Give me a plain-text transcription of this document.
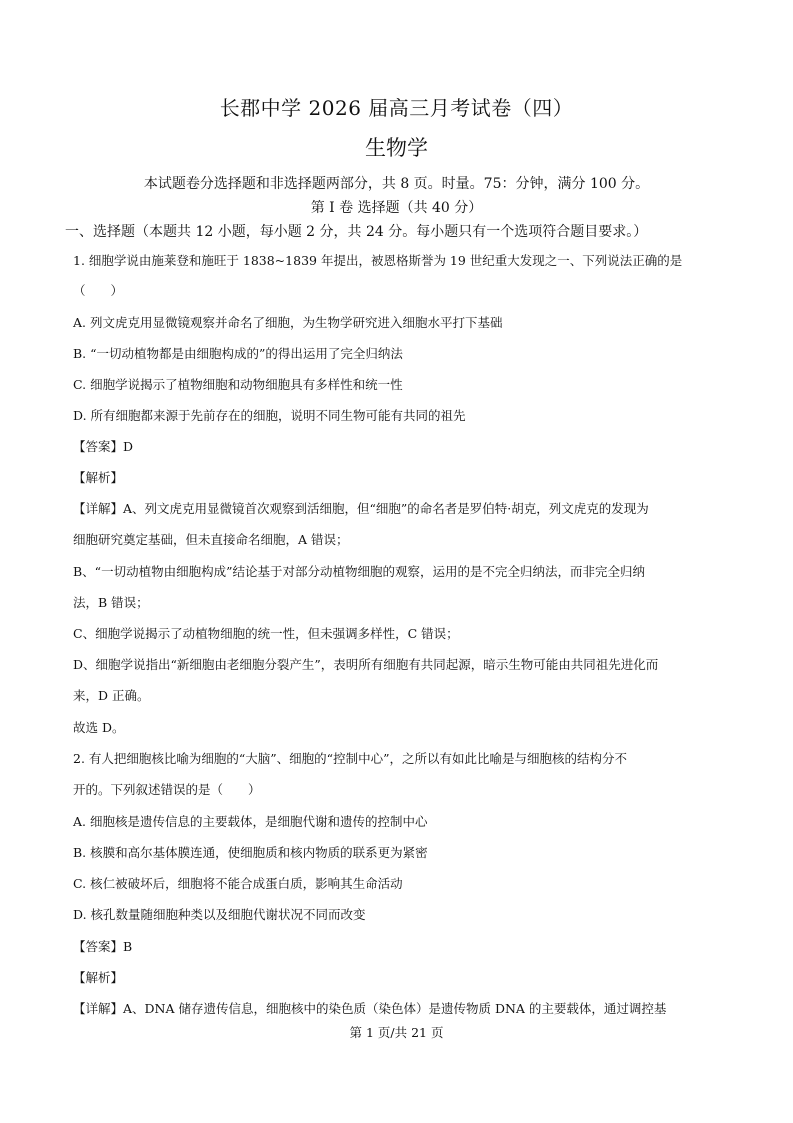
长郡中学 2026 届高三月考试卷（四）
生物学
本试题卷分选择题和非选择题两部分，共 8 页。时量。75：分钟，满分 100 分。
第 I 卷 选择题（共 40 分）
一、选择题（本题共 12 小题，每小题 2 分，共 24 分。每小题只有一个选项符合题目要求。）
1. 细胞学说由施莱登和施旺于 1838~1839 年提出，被恩格斯誉为 19 世纪重大发现之一、下列说法正确的是
（　　）
A. 列文虎克用显微镜观察并命名了细胞，为生物学研究进入细胞水平打下基础
B. “一切动植物都是由细胞构成的”的得出运用了完全归纳法
C. 细胞学说揭示了植物细胞和动物细胞具有多样性和统一性
D. 所有细胞都来源于先前存在的细胞，说明不同生物可能有共同的祖先
【答案】D
【解析】
【详解】A、列文虎克用显微镜首次观察到活细胞，但“细胞”的命名者是罗伯特·胡克，列文虎克的发现为
细胞研究奠定基础，但未直接命名细胞，A 错误；
B、“一切动植物由细胞构成”结论基于对部分动植物细胞的观察，运用的是不完全归纳法，而非完全归纳
法，B 错误；
C、细胞学说揭示了动植物细胞的统一性，但未强调多样性，C 错误；
D、细胞学说指出“新细胞由老细胞分裂产生”，表明所有细胞有共同起源，暗示生物可能由共同祖先进化而
来，D 正确。
故选 D。
2. 有人把细胞核比喻为细胞的“大脑”、细胞的“控制中心”，之所以有如此比喻是与细胞核的结构分不
开的。下列叙述错误的是（　　）
A. 细胞核是遗传信息的主要载体，是细胞代谢和遗传的控制中心
B. 核膜和高尔基体膜连通，使细胞质和核内物质的联系更为紧密
C. 核仁被破坏后，细胞将不能合成蛋白质，影响其生命活动
D. 核孔数量随细胞种类以及细胞代谢状况不同而改变
【答案】B
【解析】
【详解】A、DNA 储存遗传信息，细胞核中的染色质（染色体）是遗传物质 DNA 的主要载体，通过调控基
第 1 页/共 21 页
